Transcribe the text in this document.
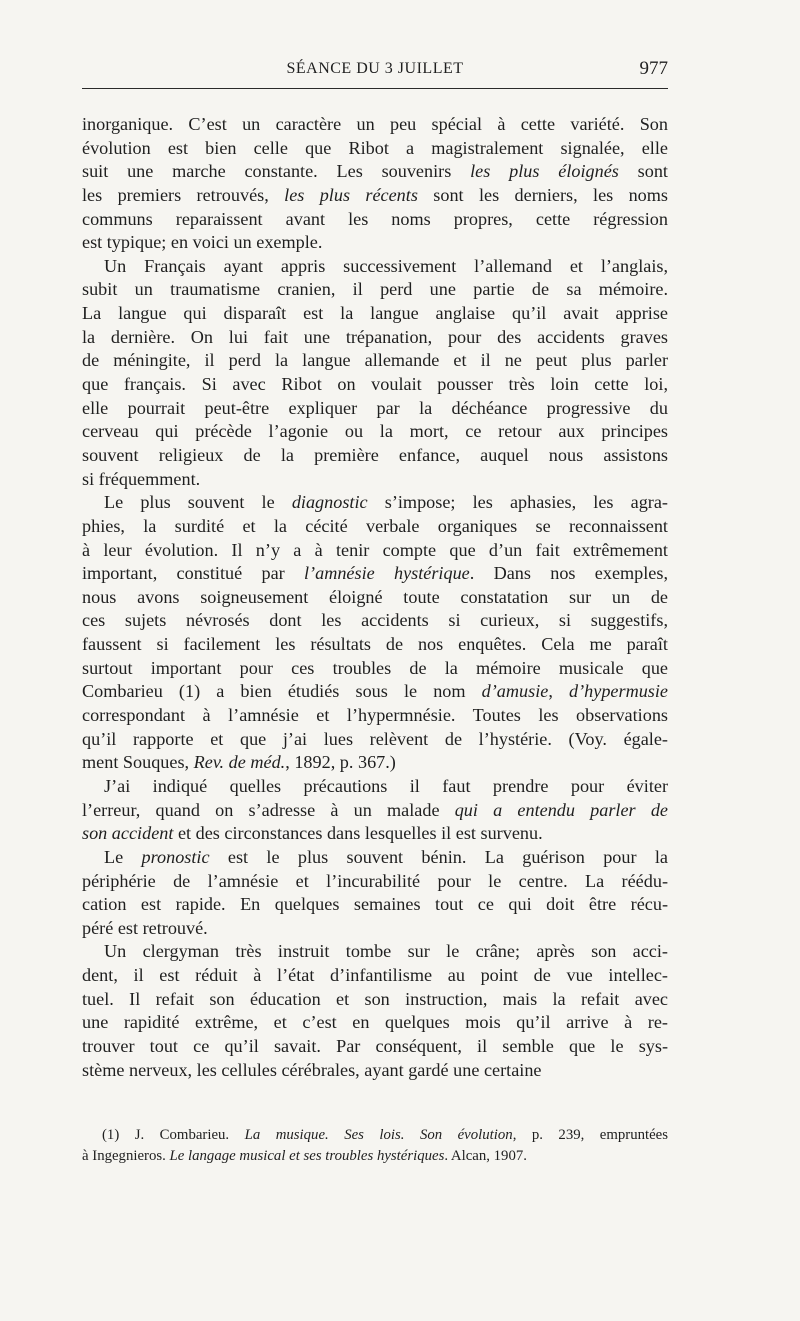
SÉANCE DU 3 JUILLET	977
inorganique. C’est un caractère un peu spécial à cette variété. Son
évolution est bien celle que Ribot a magistralement signalée, elle
suit une marche constante. Les souvenirs les plus éloignés sont
les premiers retrouvés, les plus récents sont les derniers, les noms
communs reparaissent avant les noms propres, cette régression
est typique; en voici un exemple.
Un Français ayant appris successivement l’allemand et l’anglais,
subit un traumatisme cranien, il perd une partie de sa mémoire.
La langue qui disparaît est la langue anglaise qu’il avait apprise
la dernière. On lui fait une trépanation, pour des accidents graves
de méningite, il perd la langue allemande et il ne peut plus parler
que français. Si avec Ribot on voulait pousser très loin cette loi,
elle pourrait peut-être expliquer par la déchéance progressive du
cerveau qui précède l’agonie ou la mort, ce retour aux principes
souvent religieux de la première enfance, auquel nous assistons
si fréquemment.
Le plus souvent le diagnostic s’impose; les aphasies, les agra-
phies, la surdité et la cécité verbale organiques se reconnaissent
à leur évolution. Il n’y a à tenir compte que d’un fait extrêmement
important, constitué par l’amnésie hystérique. Dans nos exemples,
nous avons soigneusement éloigné toute constatation sur un de
ces sujets névrosés dont les accidents si curieux, si suggestifs,
faussent si facilement les résultats de nos enquêtes. Cela me paraît
surtout important pour ces troubles de la mémoire musicale que
Combarieu (1) a bien étudiés sous le nom d’amusie, d’hypermusie
correspondant à l’amnésie et l’hypermnésie. Toutes les observations
qu’il rapporte et que j’ai lues relèvent de l’hystérie. (Voy. égale-
ment Souques, Rev. de méd., 1892, p. 367.)
J’ai indiqué quelles précautions il faut prendre pour éviter
l’erreur, quand on s’adresse à un malade qui a entendu parler de
son accident et des circonstances dans lesquelles il est survenu.
Le pronostic est le plus souvent bénin. La guérison pour la
périphérie de l’amnésie et l’incurabilité pour le centre. La réédu-
cation est rapide. En quelques semaines tout ce qui doit être récu-
péré est retrouvé.
Un clergyman très instruit tombe sur le crâne; après son acci-
dent, il est réduit à l’état d’infantilisme au point de vue intellec-
tuel. Il refait son éducation et son instruction, mais la refait avec
une rapidité extrême, et c’est en quelques mois qu’il arrive à re-
trouver tout ce qu’il savait. Par conséquent, il semble que le sys-
stème nerveux, les cellules cérébrales, ayant gardé une certaine
(1) J. Combarieu. La musique. Ses lois. Son évolution, p. 239, empruntées
à Ingegnieros. Le langage musical et ses troubles hystériques. Alcan, 1907.
